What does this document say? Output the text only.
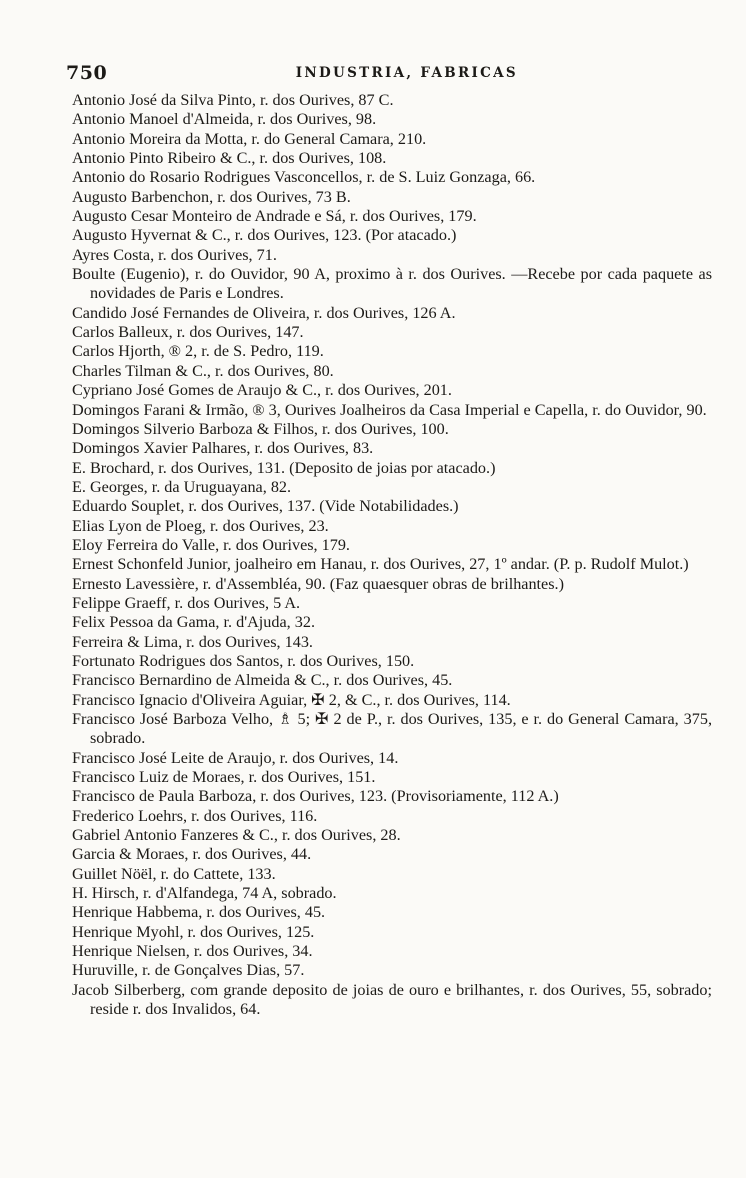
750	INDUSTRIA, FABRICAS
Antonio José da Silva Pinto, r. dos Ourives, 87 C.
Antonio Manoel d'Almeida, r. dos Ourives, 98.
Antonio Moreira da Motta, r. do General Camara, 210.
Antonio Pinto Ribeiro & C., r. dos Ourives, 108.
Antonio do Rosario Rodrigues Vasconcellos, r. de S. Luiz Gonzaga, 66.
Augusto Barbenchon, r. dos Ourives, 73 B.
Augusto Cesar Monteiro de Andrade e Sá, r. dos Ourives, 179.
Augusto Hyvernat & C., r. dos Ourives, 123. (Por atacado.)
Ayres Costa, r. dos Ourives, 71.
Boulte (Eugenio), r. do Ouvidor, 90 A, proximo à r. dos Ourives. —Recebe por cada paquete as novidades de Paris e Londres.
Candido José Fernandes de Oliveira, r. dos Ourives, 126 A.
Carlos Balleux, r. dos Ourives, 147.
Carlos Hjorth, ® 2, r. de S. Pedro, 119.
Charles Tilman & C., r. dos Ourives, 80.
Cypriano José Gomes de Araujo & C., r. dos Ourives, 201.
Domingos Farani & Irmão, ® 3, Ourives Joalheiros da Casa Imperial e Capella, r. do Ouvidor, 90.
Domingos Silverio Barboza & Filhos, r. dos Ourives, 100.
Domingos Xavier Palhares, r. dos Ourives, 83.
E. Brochard, r. dos Ourives, 131. (Deposito de joias por atacado.)
E. Georges, r. da Uruguayana, 82.
Eduardo Souplet, r. dos Ourives, 137. (Vide Notabilidades.)
Elias Lyon de Ploeg, r. dos Ourives, 23.
Eloy Ferreira do Valle, r. dos Ourives, 179.
Ernest Schonfeld Junior, joalheiro em Hanau, r. dos Ourives, 27, 1º andar. (P. p. Rudolf Mulot.)
Ernesto Lavessière, r. d'Assembléa, 90. (Faz quaesquer obras de brilhantes.)
Felippe Graeff, r. dos Ourives, 5 A.
Felix Pessoa da Gama, r. d'Ajuda, 32.
Ferreira & Lima, r. dos Ourives, 143.
Fortunato Rodrigues dos Santos, r. dos Ourives, 150.
Francisco Bernardino de Almeida & C., r. dos Ourives, 45.
Francisco Ignacio d'Oliveira Aguiar, ✠ 2, & C., r. dos Ourives, 114.
Francisco José Barboza Velho, ♗ 5; ✠ 2 de P., r. dos Ourives, 135, e r. do General Camara, 375, sobrado.
Francisco José Leite de Araujo, r. dos Ourives, 14.
Francisco Luiz de Moraes, r. dos Ourives, 151.
Francisco de Paula Barboza, r. dos Ourives, 123. (Provisoriamente, 112 A.)
Frederico Loehrs, r. dos Ourives, 116.
Gabriel Antonio Fanzeres & C., r. dos Ourives, 28.
Garcia & Moraes, r. dos Ourives, 44.
Guillet Nöël, r. do Cattete, 133.
H. Hirsch, r. d'Alfandega, 74 A, sobrado.
Henrique Habbema, r. dos Ourives, 45.
Henrique Myohl, r. dos Ourives, 125.
Henrique Nielsen, r. dos Ourives, 34.
Huruville, r. de Gonçalves Dias, 57.
Jacob Silberberg, com grande deposito de joias de ouro e brilhantes, r. dos Ourives, 55, sobrado; reside r. dos Invalidos, 64.
